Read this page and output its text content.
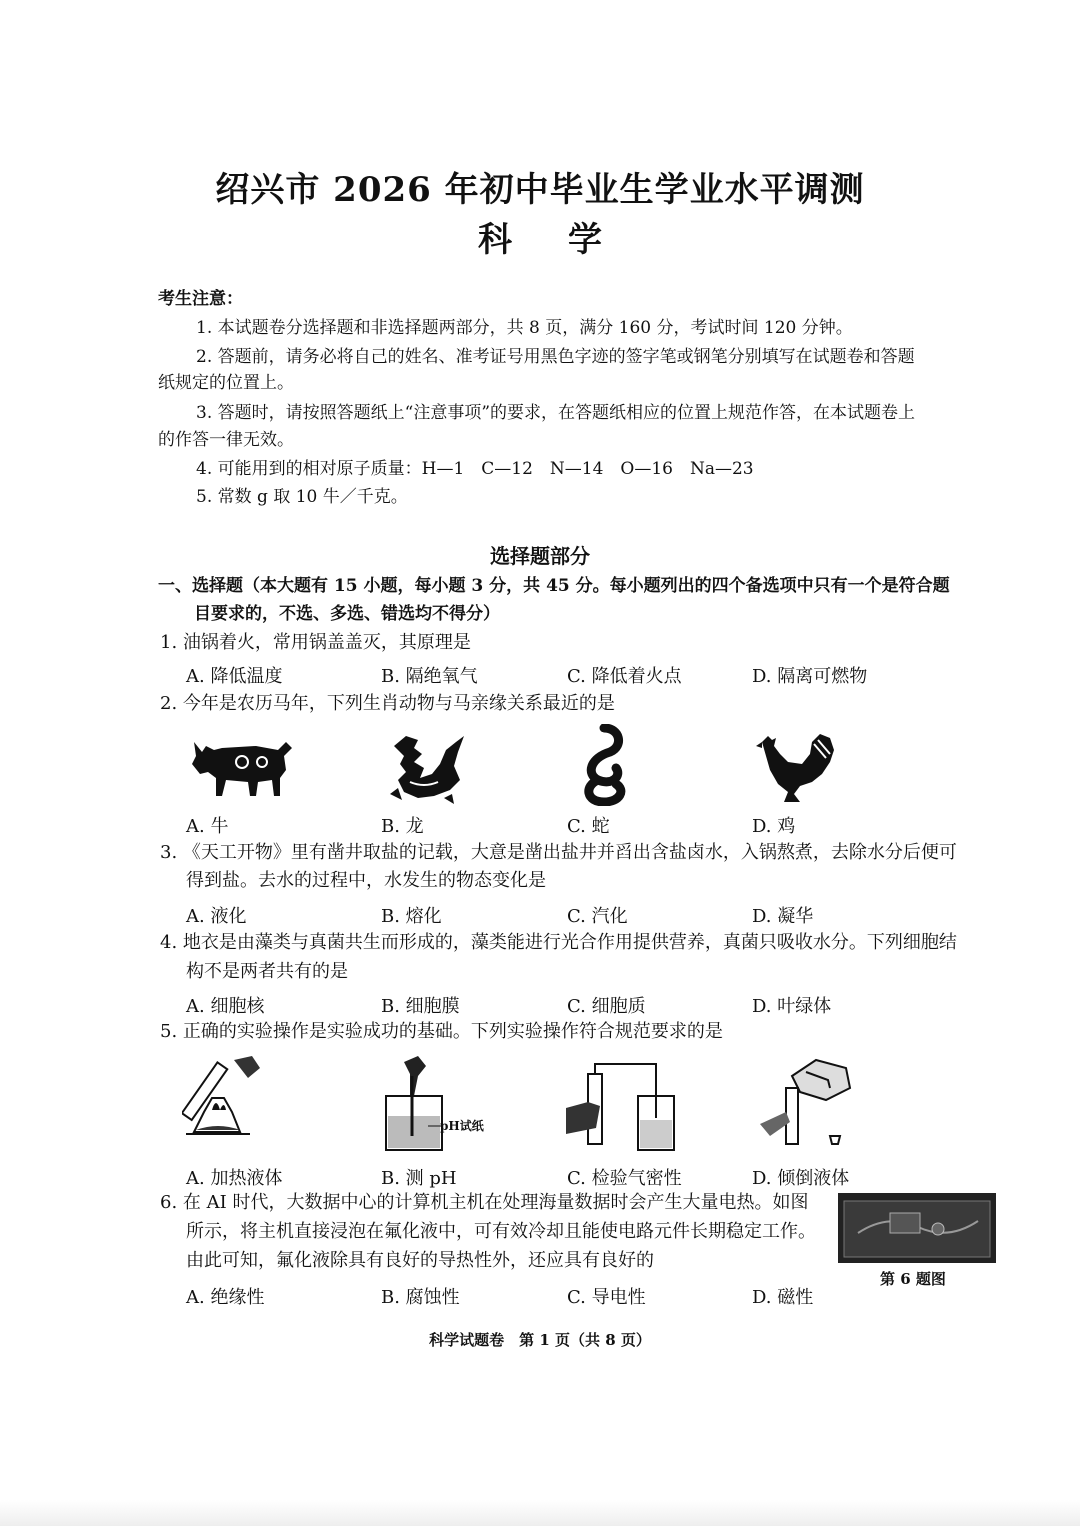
绍兴市 2026 年初中毕业生学业水平调测
科学
考生注意：
1. 本试题卷分选择题和非选择题两部分，共 8 页，满分 160 分，考试时间 120 分钟。
2. 答题前，请务必将自己的姓名、准考证号用黑色字迹的签字笔或钢笔分别填写在试题卷和答题
纸规定的位置上。
3. 答题时，请按照答题纸上“注意事项”的要求，在答题纸相应的位置上规范作答，在本试题卷上
的作答一律无效。
4. 可能用到的相对原子质量：H—1　C—12　N—14　O—16　Na—23
5. 常数 g 取 10 牛／千克。
选择题部分
一、选择题（本大题有 15 小题，每小题 3 分，共 45 分。每小题列出的四个备选项中只有一个是符合题
目要求的，不选、多选、错选均不得分）
1. 油锅着火，常用锅盖盖灭，其原理是
A. 降低温度	B. 隔绝氧气	C. 降低着火点	D. 隔离可燃物
2. 今年是农历马年，下列生肖动物与马亲缘关系最近的是
A. 牛	B. 龙	C. 蛇	D. 鸡
3. 《天工开物》里有凿井取盐的记载，大意是凿出盐井并舀出含盐卤水，入锅熬煮，去除水分后便可
得到盐。去水的过程中，水发生的物态变化是
A. 液化	B. 熔化	C. 汽化	D. 凝华
4. 地衣是由藻类与真菌共生而形成的，藻类能进行光合作用提供营养，真菌只吸收水分。下列细胞结
构不是两者共有的是
A. 细胞核	B. 细胞膜	C. 细胞质	D. 叶绿体
5. 正确的实验操作是实验成功的基础。下列实验操作符合规范要求的是
pH试纸
A. 加热液体	B. 测 pH	C. 检验气密性	D. 倾倒液体
6. 在 AI 时代，大数据中心的计算机主机在处理海量数据时会产生大量电热。如图
所示，将主机直接浸泡在氟化液中，可有效冷却且能使电路元件长期稳定工作。
由此可知，氟化液除具有良好的导热性外，还应具有良好的
第 6 题图
A. 绝缘性	B. 腐蚀性	C. 导电性	D. 磁性
科学试题卷　第 1 页（共 8 页）
